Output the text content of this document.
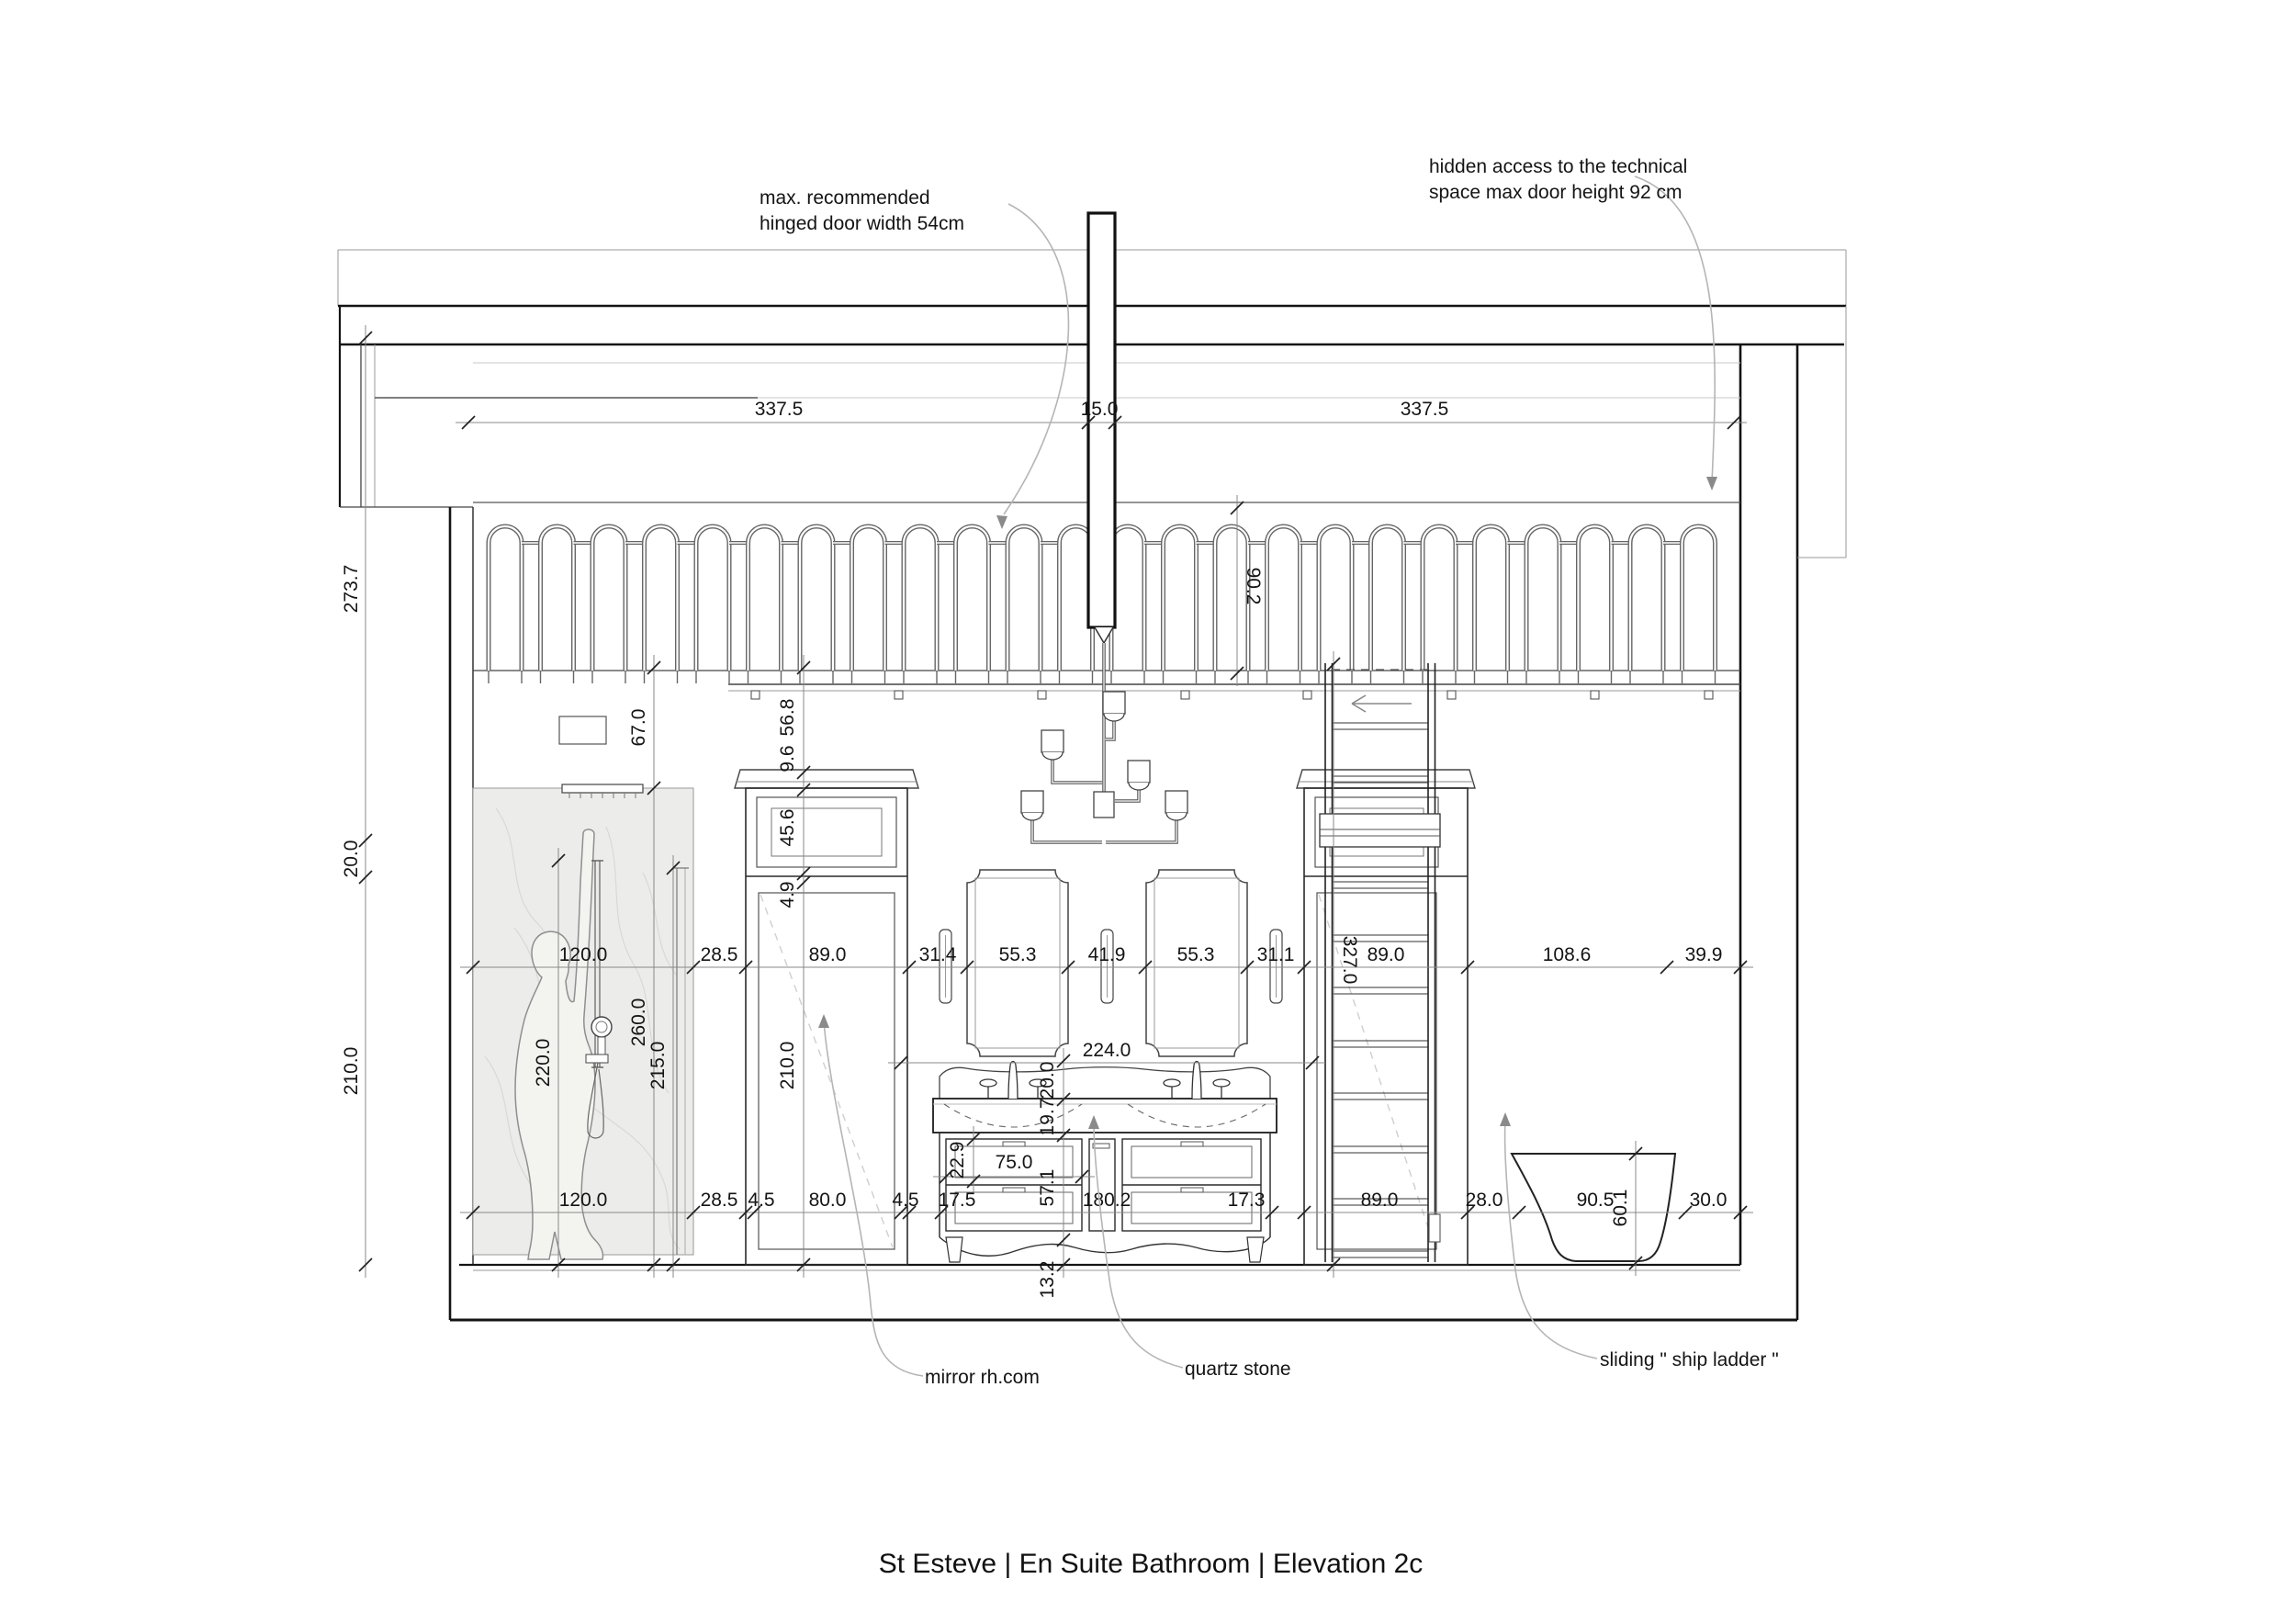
337.5	15.0	337.5
273.7
20.0
210.0
120.0	28.5	89.0	31.4 55.3	41.9	55.3 31.1	89.0	108.6	39.9
224.0
120.0	28.5 4.5 80.0 4.5 17.5	180.2	17.3	89.0	28.0	90.5	30.0
56.8
9.6
45.6
4.9
210.0
67.0
260.0
215.0
220.0	20.0
19.7
57.1
13.2
22.9 75.0
90.2
327.0
60.1
max. recommended
hinged door width 54cm
hidden access to the technical
space max door height 92 cm
mirror rh.com	quartz stone	sliding " ship ladder "
St Esteve | En Suite Bathroom | Elevation 2c
